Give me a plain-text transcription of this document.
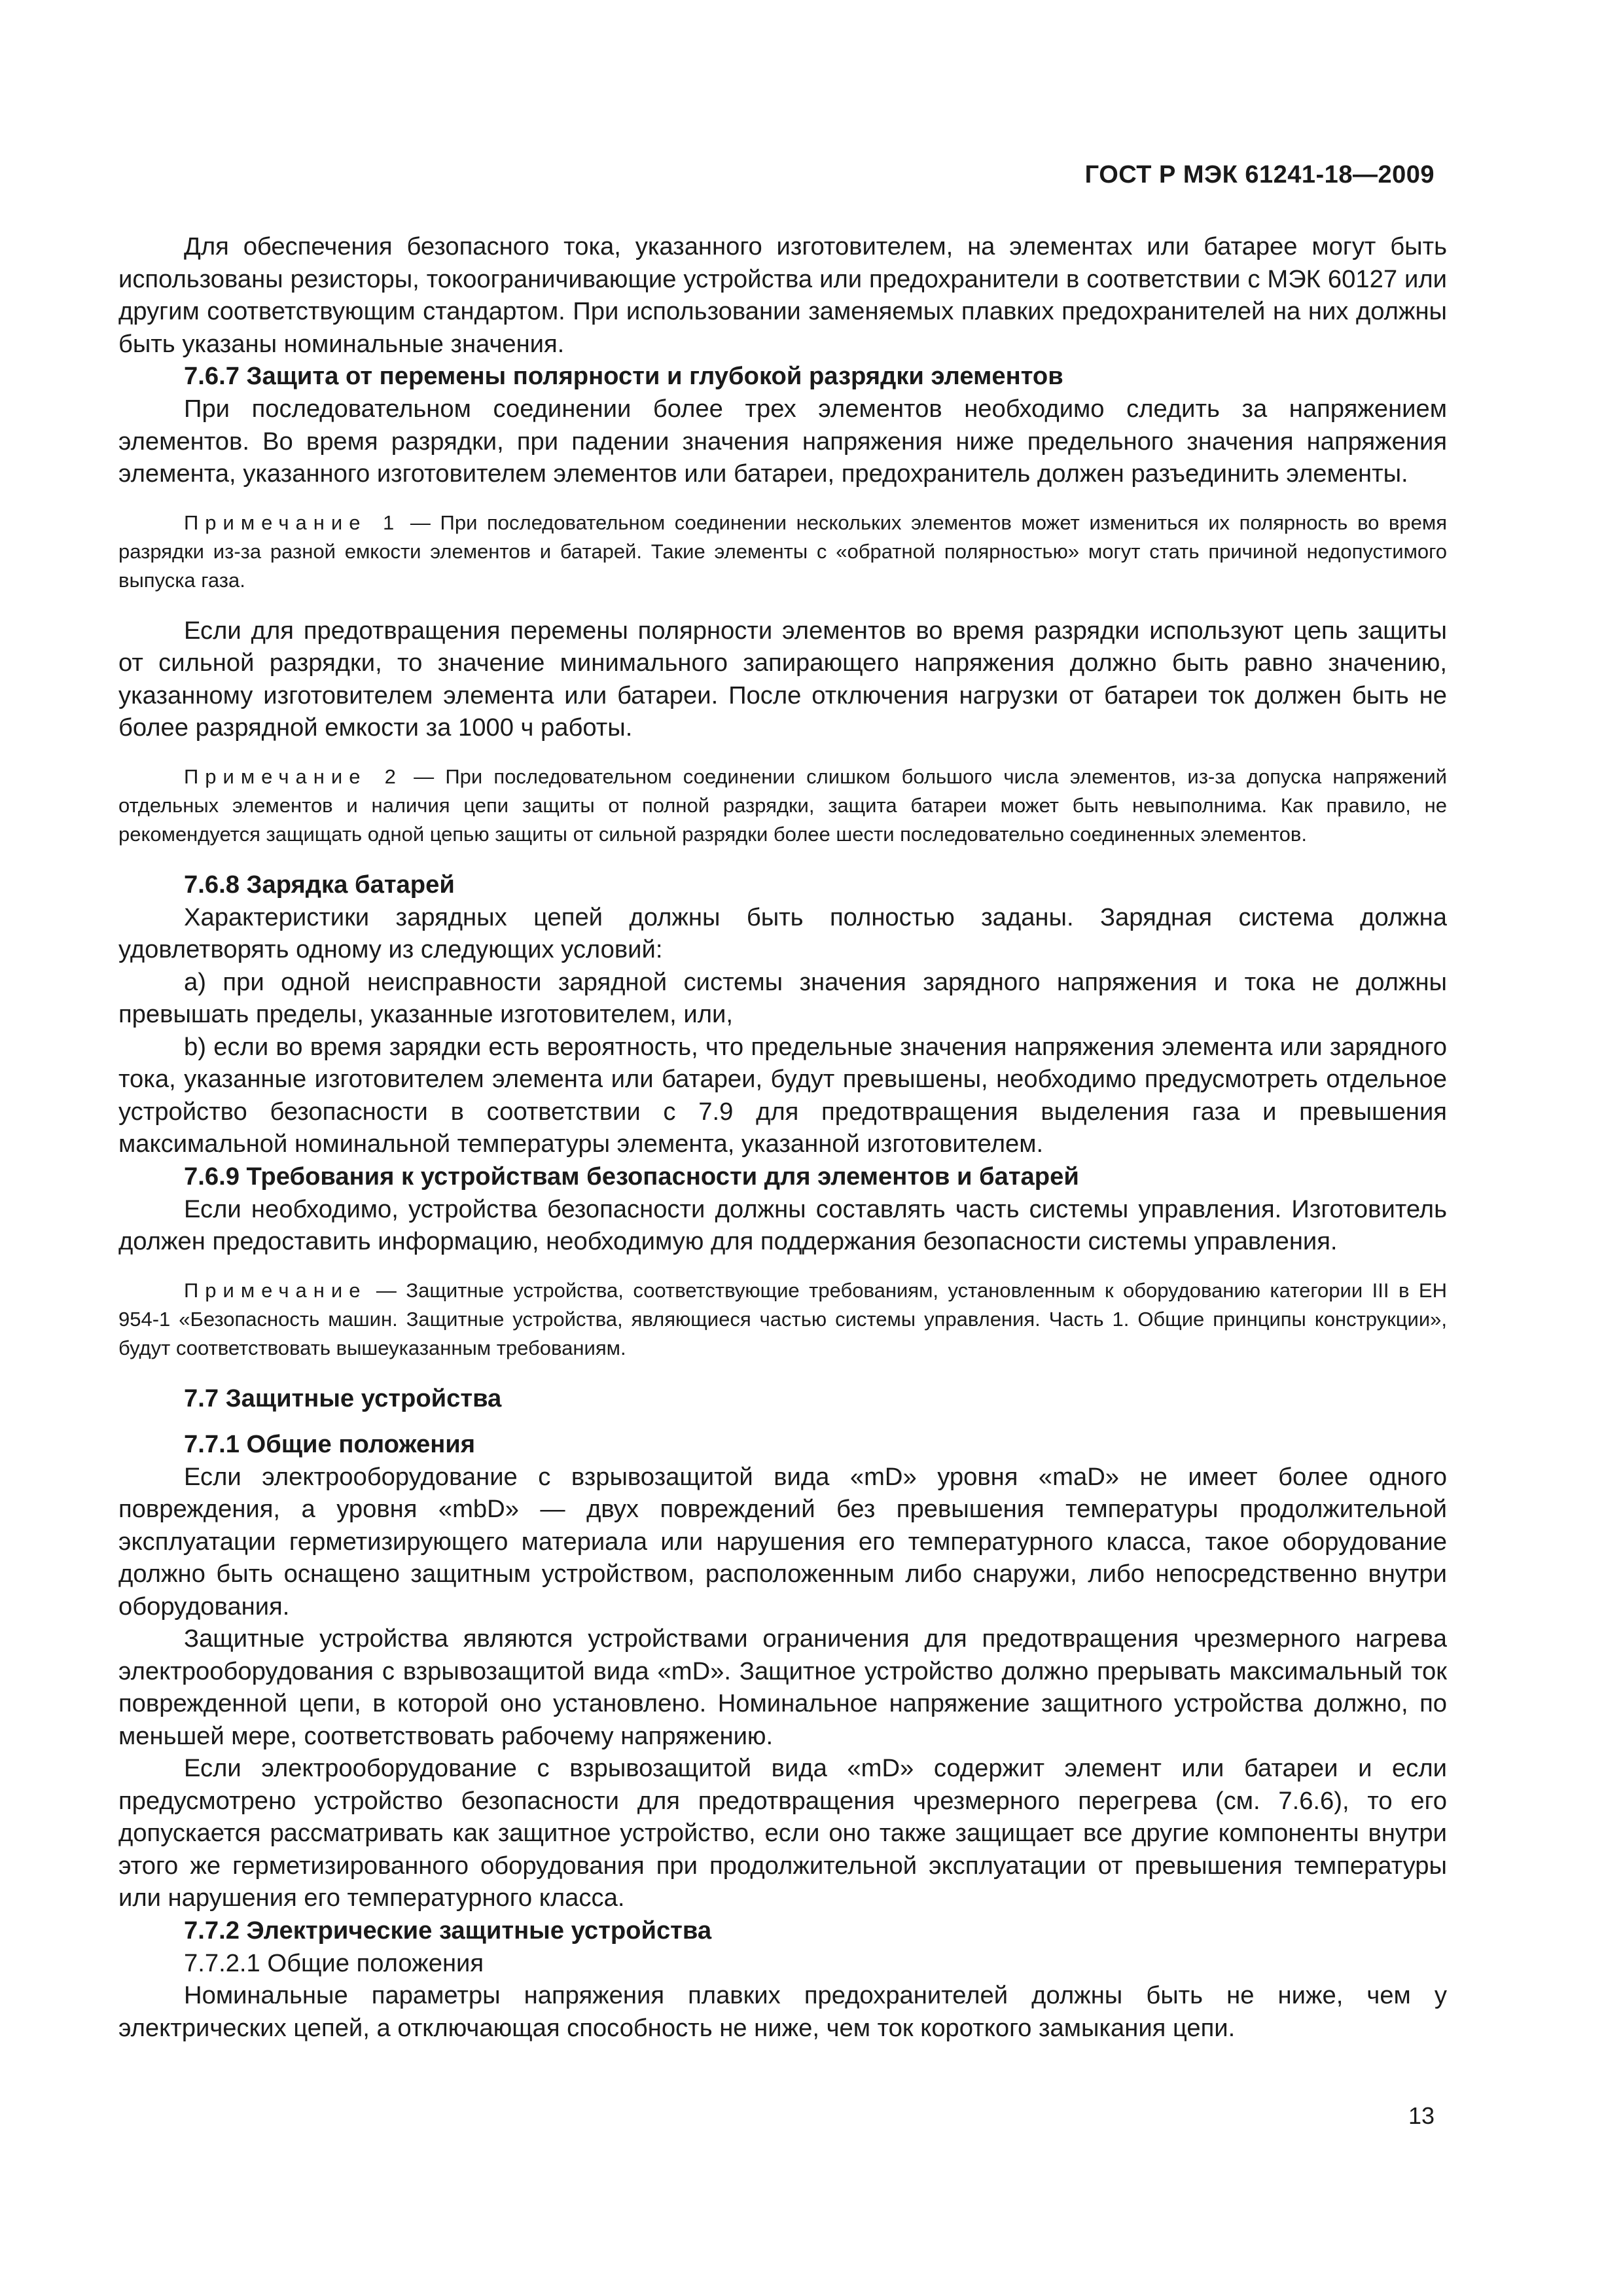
ГОСТ Р МЭК 61241-18—2009

Для обеспечения безопасного тока, указанного изготовителем, на элементах или батарее могут быть использованы резисторы, токоограничивающие устройства или предохранители в соответствии с МЭК 60127 или другим соответствующим стандартом. При использовании заменяемых плавких предохранителей на них должны быть указаны номинальные значения.

7.6.7 Защита от перемены полярности и глубокой разрядки элементов

При последовательном соединении более трех элементов необходимо следить за напряжением элементов. Во время разрядки, при падении значения напряжения ниже предельного значения напряжения элемента, указанного изготовителем элементов или батареи, предохранитель должен разъединить элементы.

Примечание 1 — При последовательном соединении нескольких элементов может измениться их полярность во время разрядки из-за разной емкости элементов и батарей. Такие элементы с «обратной полярностью» могут стать причиной недопустимого выпуска газа.

Если для предотвращения перемены полярности элементов во время разрядки используют цепь защиты от сильной разрядки, то значение минимального запирающего напряжения должно быть равно значению, указанному изготовителем элемента или батареи. После отключения нагрузки от батареи ток должен быть не более разрядной емкости за 1000 ч работы.

Примечание 2 — При последовательном соединении слишком большого числа элементов, из-за допуска напряжений отдельных элементов и наличия цепи защиты от полной разрядки, защита батареи может быть невыполнима. Как правило, не рекомендуется защищать одной цепью защиты от сильной разрядки более шести последовательно соединенных элементов.

7.6.8 Зарядка батарей

Характеристики зарядных цепей должны быть полностью заданы. Зарядная система должна удовлетворять одному из следующих условий:

a) при одной неисправности зарядной системы значения зарядного напряжения и тока не должны превышать пределы, указанные изготовителем, или,

b) если во время зарядки есть вероятность, что предельные значения напряжения элемента или зарядного тока, указанные изготовителем элемента или батареи, будут превышены, необходимо предусмотреть отдельное устройство безопасности в соответствии с 7.9 для предотвращения выделения газа и превышения максимальной номинальной температуры элемента, указанной изготовителем.

7.6.9 Требования к устройствам безопасности для элементов и батарей

Если необходимо, устройства безопасности должны составлять часть системы управления. Изготовитель должен предоставить информацию, необходимую для поддержания безопасности системы управления.

Примечание — Защитные устройства, соответствующие требованиям, установленным к оборудованию категории III в ЕН 954-1 «Безопасность машин. Защитные устройства, являющиеся частью системы управления. Часть 1. Общие принципы конструкции», будут соответствовать вышеуказанным требованиям.

7.7 Защитные устройства

7.7.1 Общие положения

Если электрооборудование с взрывозащитой вида «mD» уровня «maD» не имеет более одного повреждения, а уровня «mbD» — двух повреждений без превышения температуры продолжительной эксплуатации герметизирующего материала или нарушения его температурного класса, такое оборудование должно быть оснащено защитным устройством, расположенным либо снаружи, либо непосредственно внутри оборудования.

Защитные устройства являются устройствами ограничения для предотвращения чрезмерного нагрева электрооборудования с взрывозащитой вида «mD». Защитное устройство должно прерывать максимальный ток поврежденной цепи, в которой оно установлено. Номинальное напряжение защитного устройства должно, по меньшей мере, соответствовать рабочему напряжению.

Если электрооборудование с взрывозащитой вида «mD» содержит элемент или батареи и если предусмотрено устройство безопасности для предотвращения чрезмерного перегрева (см. 7.6.6), то его допускается рассматривать как защитное устройство, если оно также защищает все другие компоненты внутри этого же герметизированного оборудования при продолжительной эксплуатации от превышения температуры или нарушения его температурного класса.

7.7.2 Электрические защитные устройства

7.7.2.1 Общие положения

Номинальные параметры напряжения плавких предохранителей должны быть не ниже, чем у электрических цепей, а отключающая способность не ниже, чем ток короткого замыкания цепи.

13
